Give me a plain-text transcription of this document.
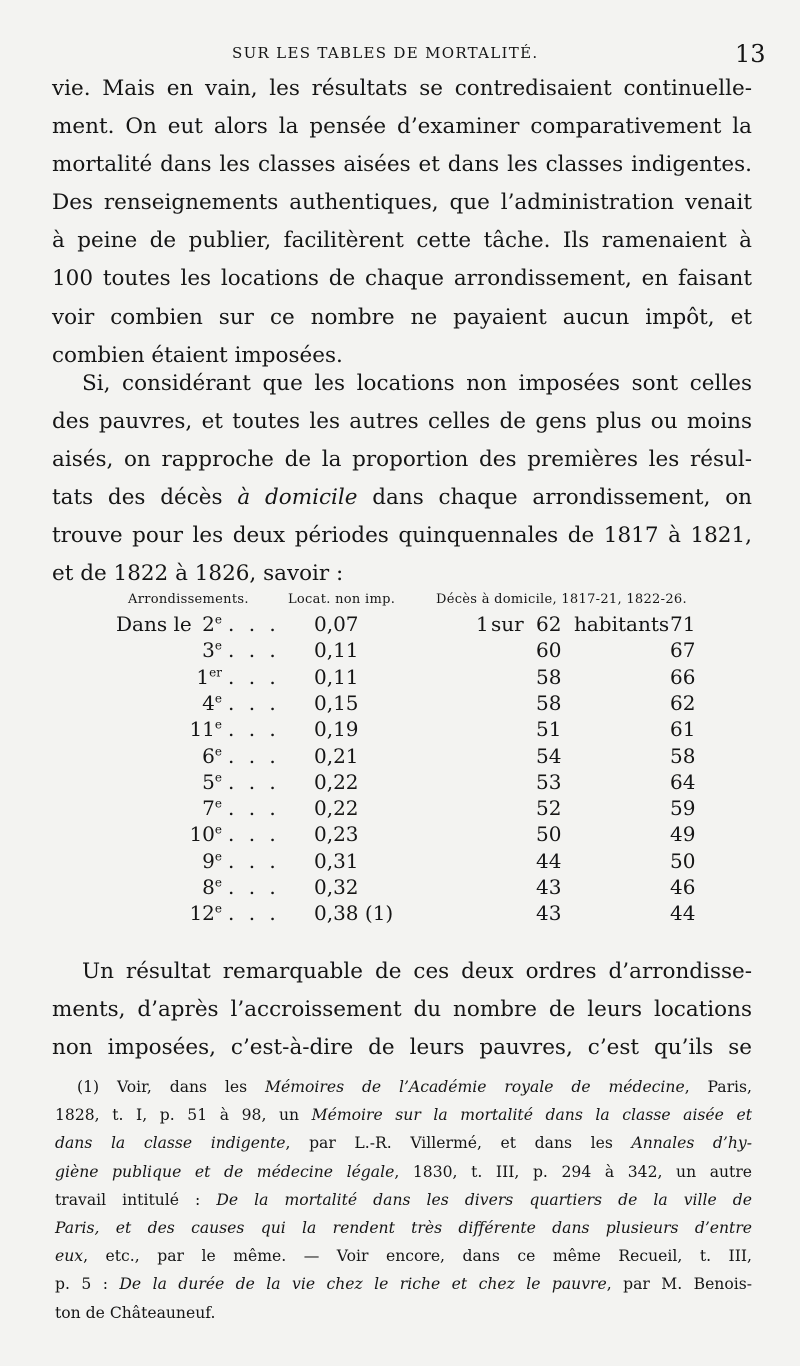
SUR LES TABLES DE MORTALITÉ.	13
vie. Mais en vain, les résultats se contredisaient continuelle-
ment. On eut alors la pensée d’examiner comparativement la
mortalité dans les classes aisées et dans les classes indigentes.
Des renseignements authentiques, que l’administration venait
à peine de publier, facilitèrent cette tâche. Ils ramenaient à
100 toutes les locations de chaque arrondissement, en faisant
voir combien sur ce nombre ne payaient aucun impôt, et
combien étaient imposées.
Si, considérant que les locations non imposées sont celles
des pauvres, et toutes les autres celles de gens plus ou moins
aisés, on rapproche de la proportion des premières les résul-
tats des décès à domicile dans chaque arrondissement, on
trouve pour les deux périodes quinquennales de 1817 à 1821,
et de 1822 à 1826, savoir :
Arrondissements.	Locat. non imp.	Décès à domicile, 1817-21, 1822-26.
Dans le 2e . . . 0,07	1 sur 62 habitants 71
3e . . . 0,11	60	67
1er . . . 0,11	58	66
4e . . . 0,15	58	62
11e . . . 0,19	51	61
6e . . . 0,21	54	58
5e . . . 0,22	53	64
7e . . . 0,22	52	59
10e . . . 0,23	50	49
9e . . . 0,31	44	50
8e . . . 0,32	43	46
12e . . . 0,38 (1)	43	44
Un résultat remarquable de ces deux ordres d’arrondisse-
ments, d’après l’accroissement du nombre de leurs locations
non imposées, c’est-à-dire de leurs pauvres, c’est qu’ils se
(1) Voir, dans les Mémoires de l’Académie royale de médecine, Paris,
1828, t. I, p. 51 à 98, un Mémoire sur la mortalité dans la classe aisée et
dans la classe indigente, par L.-R. Villermé, et dans les Annales d’hy-
giène publique et de médecine légale, 1830, t. III, p. 294 à 342, un autre
travail intitulé : De la mortalité dans les divers quartiers de la ville de
Paris, et des causes qui la rendent très différente dans plusieurs d’entre
eux, etc., par le même. — Voir encore, dans ce même Recueil, t. III,
p. 5 : De la durée de la vie chez le riche et chez le pauvre, par M. Benois-
ton de Châteauneuf.
